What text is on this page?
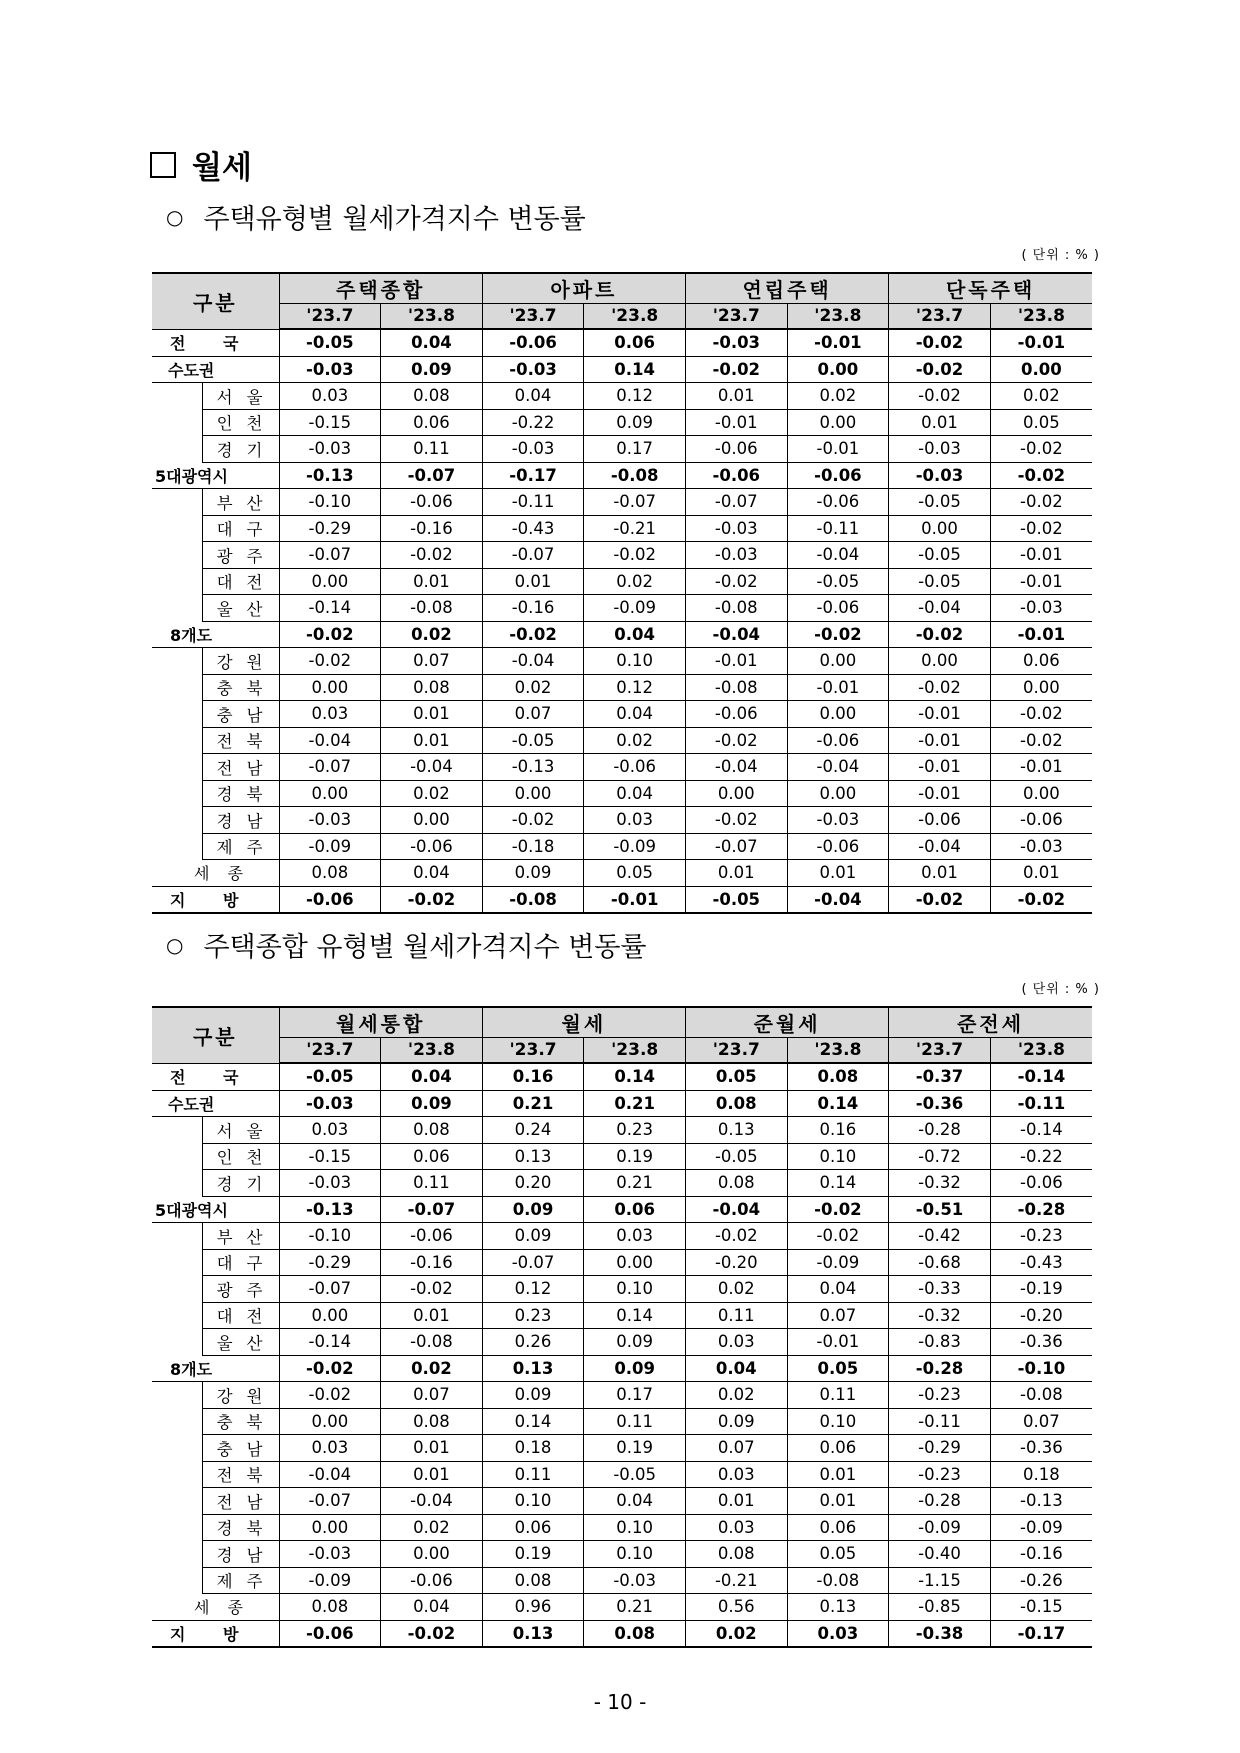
월세
○ 주택유형별 월세가격지수 변동률
( 단위 : % )
구분		주택종합		아파트		연립주택		단독주택	
		'23.7	'23.8	'23.7	'23.8	'23.7	'23.8	'23.7	'23.8
전 국		-0.05	0.04	-0.06	0.06	-0.03	-0.01	-0.02	-0.01
수도권		-0.03	0.09	-0.03	0.14	-0.02	0.00	-0.02	0.00
	서울	0.03	0.08	0.04	0.12	0.01	0.02	-0.02	0.02
	인천	-0.15	0.06	-0.22	0.09	-0.01	0.00	0.01	0.05
	경기	-0.03	0.11	-0.03	0.17	-0.06	-0.01	-0.03	-0.02
5대광역시		-0.13	-0.07	-0.17	-0.08	-0.06	-0.06	-0.03	-0.02
	부산	-0.10	-0.06	-0.11	-0.07	-0.07	-0.06	-0.05	-0.02
	대구	-0.29	-0.16	-0.43	-0.21	-0.03	-0.11	0.00	-0.02
	광주	-0.07	-0.02	-0.07	-0.02	-0.03	-0.04	-0.05	-0.01
	대전	0.00	0.01	0.01	0.02	-0.02	-0.05	-0.05	-0.01
	울산	-0.14	-0.08	-0.16	-0.09	-0.08	-0.06	-0.04	-0.03
8개도		-0.02	0.02	-0.02	0.04	-0.04	-0.02	-0.02	-0.01
	강원	-0.02	0.07	-0.04	0.10	-0.01	0.00	0.00	0.06
	충북	0.00	0.08	0.02	0.12	-0.08	-0.01	-0.02	0.00
	충남	0.03	0.01	0.07	0.04	-0.06	0.00	-0.01	-0.02
	전북	-0.04	0.01	-0.05	0.02	-0.02	-0.06	-0.01	-0.02
	전남	-0.07	-0.04	-0.13	-0.06	-0.04	-0.04	-0.01	-0.01
	경북	0.00	0.02	0.00	0.04	0.00	0.00	-0.01	0.00
	경남	-0.03	0.00	-0.02	0.03	-0.02	-0.03	-0.06	-0.06
	제주	-0.09	-0.06	-0.18	-0.09	-0.07	-0.06	-0.04	-0.03
세종		0.08	0.04	0.09	0.05	0.01	0.01	0.01	0.01
지 방		-0.06	-0.02	-0.08	-0.01	-0.05	-0.04	-0.02	-0.02
○ 주택종합 유형별 월세가격지수 변동률
( 단위 : % )
구분		월세통합		월세		준월세		준전세	
		'23.7	'23.8	'23.7	'23.8	'23.7	'23.8	'23.7	'23.8
전 국		-0.05	0.04	0.16	0.14	0.05	0.08	-0.37	-0.14
수도권		-0.03	0.09	0.21	0.21	0.08	0.14	-0.36	-0.11
	서울	0.03	0.08	0.24	0.23	0.13	0.16	-0.28	-0.14
	인천	-0.15	0.06	0.13	0.19	-0.05	0.10	-0.72	-0.22
	경기	-0.03	0.11	0.20	0.21	0.08	0.14	-0.32	-0.06
5대광역시		-0.13	-0.07	0.09	0.06	-0.04	-0.02	-0.51	-0.28
	부산	-0.10	-0.06	0.09	0.03	-0.02	-0.02	-0.42	-0.23
	대구	-0.29	-0.16	-0.07	0.00	-0.20	-0.09	-0.68	-0.43
	광주	-0.07	-0.02	0.12	0.10	0.02	0.04	-0.33	-0.19
	대전	0.00	0.01	0.23	0.14	0.11	0.07	-0.32	-0.20
	울산	-0.14	-0.08	0.26	0.09	0.03	-0.01	-0.83	-0.36
8개도		-0.02	0.02	0.13	0.09	0.04	0.05	-0.28	-0.10
	강원	-0.02	0.07	0.09	0.17	0.02	0.11	-0.23	-0.08
	충북	0.00	0.08	0.14	0.11	0.09	0.10	-0.11	0.07
	충남	0.03	0.01	0.18	0.19	0.07	0.06	-0.29	-0.36
	전북	-0.04	0.01	0.11	-0.05	0.03	0.01	-0.23	0.18
	전남	-0.07	-0.04	0.10	0.04	0.01	0.01	-0.28	-0.13
	경북	0.00	0.02	0.06	0.10	0.03	0.06	-0.09	-0.09
	경남	-0.03	0.00	0.19	0.10	0.08	0.05	-0.40	-0.16
	제주	-0.09	-0.06	0.08	-0.03	-0.21	-0.08	-1.15	-0.26
세종		0.08	0.04	0.96	0.21	0.56	0.13	-0.85	-0.15
지 방		-0.06	-0.02	0.13	0.08	0.02	0.03	-0.38	-0.17
- 10 -
